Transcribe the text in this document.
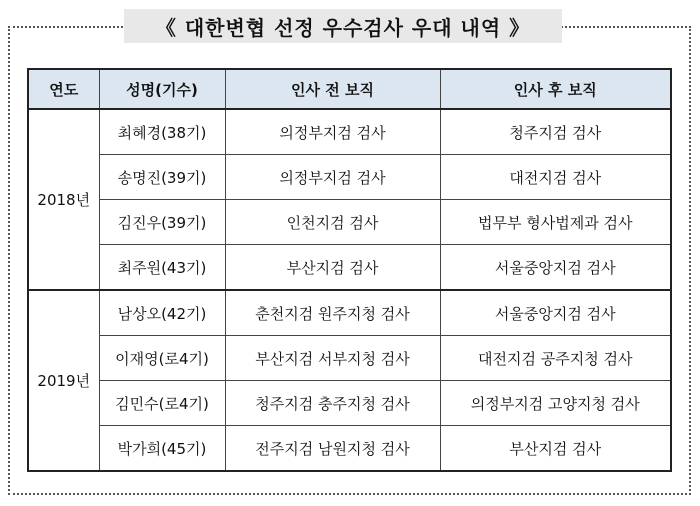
《 대한변협 선정 우수검사 우대 내역 》
연도	성명(기수)	인사 전 보직	인사 후 보직
2018년	최혜경(38기)	의정부지검 검사	청주지검 검사
	송명진(39기)	의정부지검 검사	대전지검 검사
	김진우(39기)	인천지검 검사	법무부 형사법제과 검사
	최주원(43기)	부산지검 검사	서울중앙지검 검사
2019년	남상오(42기)	춘천지검 원주지청 검사	서울중앙지검 검사
	이재영(로4기)	부산지검 서부지청 검사	대전지검 공주지청 검사
	김민수(로4기)	청주지검 충주지청 검사	의정부지검 고양지청 검사
	박가희(45기)	전주지검 남원지청 검사	부산지검 검사
